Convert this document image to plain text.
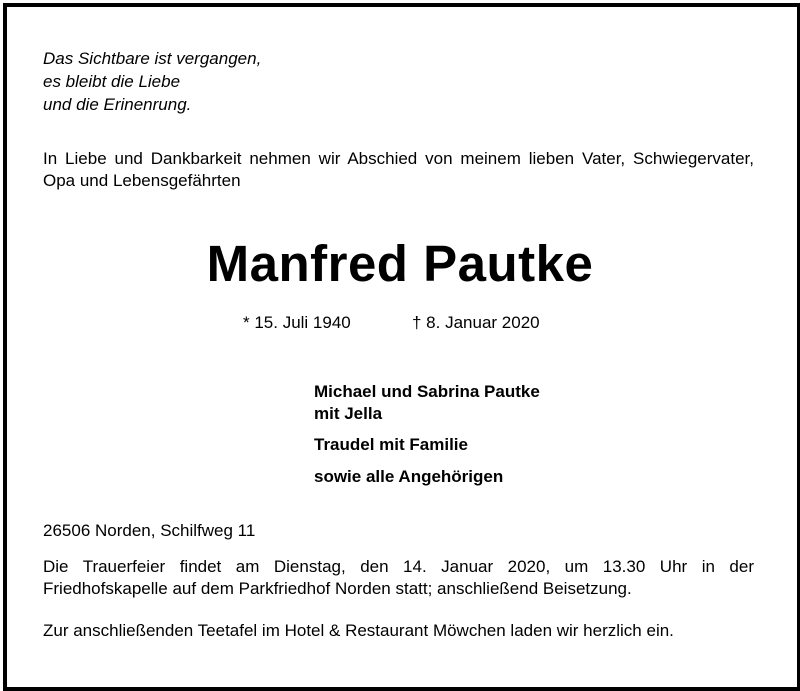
Das Sichtbare ist vergangen,
es bleibt die Liebe
und die Erinenrung.
In Liebe und Dankbarkeit nehmen wir Abschied von meinem lieben Vater, Schwiegervater, Opa und Lebensgefährten
Manfred Pautke
* 15. Juli 1940	† 8. Januar 2020
Michael und Sabrina Pautke
mit Jella
Traudel mit Familie
sowie alle Angehörigen
26506 Norden, Schilfweg 11
Die Trauerfeier findet am Dienstag, den 14. Januar 2020, um 13.30 Uhr in der Friedhofskapelle auf dem Parkfriedhof Norden statt; anschließend Beisetzung.
Zur anschließenden Teetafel im Hotel & Restaurant Möwchen laden wir herzlich ein.
